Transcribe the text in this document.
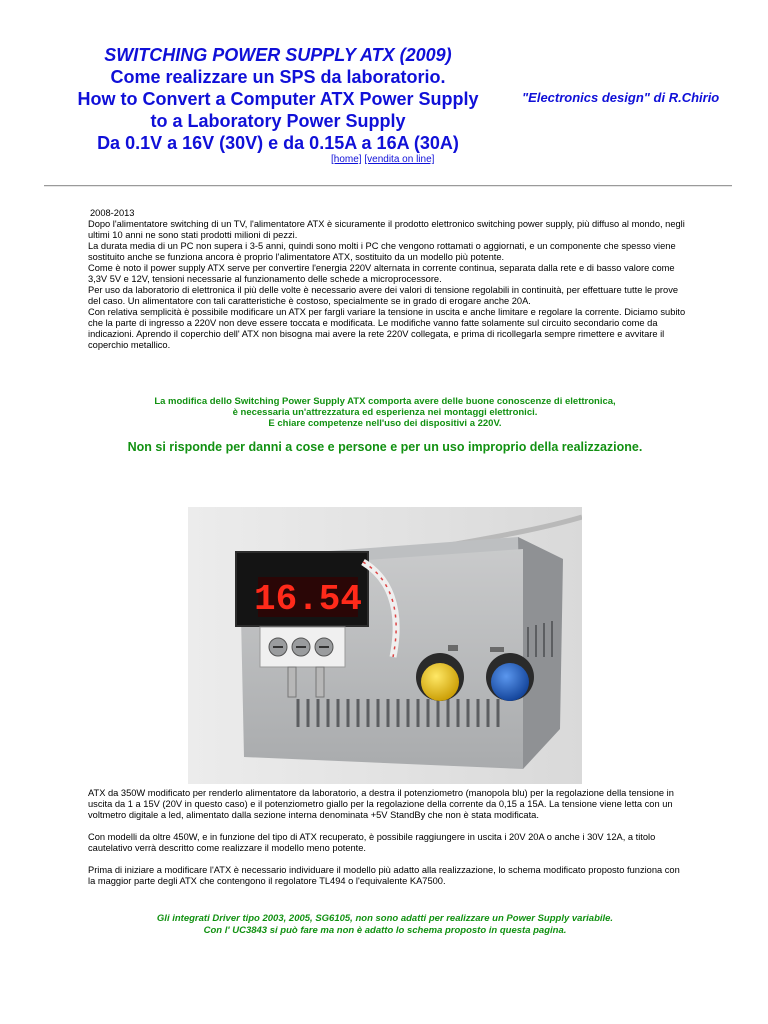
SWITCHING POWER SUPPLY ATX (2009)
Come realizzare un SPS da laboratorio.
How to Convert a Computer ATX Power Supply
to a Laboratory Power Supply
Da 0.1V a 16V (30V) e da 0.15A a 16A (30A)
[home] [vendita on line]
"Electronics design" di R.Chirio

2008-2013

Dopo l'alimentatore switching di un TV, l'alimentatore ATX è sicuramente il prodotto elettronico switching power supply, più diffuso al mondo, negli ultimi 10 anni ne sono stati prodotti milioni di pezzi.

La durata media di un PC non supera i 3-5 anni, quindi sono molti i PC che vengono rottamati o aggiornati, e un componente che spesso viene sostituito anche se funziona ancora è proprio l'alimentatore ATX, sostituito da un modello più potente.

Come è noto il power supply ATX serve per convertire l'energia 220V alternata in corrente continua, separata dalla rete e di basso valore come 3,3V 5V e 12V, tensioni necessarie al funzionamento delle schede a microprocessore.

Per uso da laboratorio di elettronica il più delle volte è necessario avere dei valori di tensione regolabili in continuità, per effettuare tutte le prove del caso. Un alimentatore con tali caratteristiche è costoso, specialmente se in grado di erogare anche 20A.

Con relativa semplicità è possibile modificare un ATX per fargli variare la tensione in uscita e anche limitare e regolare la corrente. Diciamo subito che la parte di ingresso a 220V non deve essere toccata e modificata. Le modifiche vanno fatte solamente sul circuito secondario come da indicazioni. Aprendo il coperchio dell' ATX non bisogna mai avere la rete 220V collegata, e prima di ricollegarla sempre rimettere e avvitare il coperchio metallico.

La modifica dello Switching Power Supply ATX comporta avere delle buone conoscenze di elettronica,

è necessaria un'attrezzatura ed esperienza nei montaggi elettronici.

E chiare competenze nell'uso dei dispositivi a 220V.

Non si risponde per danni a cose e persone e per un uso improprio della realizzazione.
16.54

ATX da 350W modificato per renderlo alimentatore da laboratorio, a destra il potenziometro (manopola blu) per la regolazione della tensione in uscita da 1 a 15V (20V in questo caso) e il potenziometro giallo per la regolazione della corrente da 0,15 a 15A. La tensione viene letta con un voltmetro digitale a led, alimentato dalla sezione interna denominata +5V StandBy che non è stata modificata.

Con modelli da oltre 450W, e in funzione del tipo di ATX recuperato, è possibile raggiungere in uscita i 20V 20A o anche i 30V 12A, a titolo cautelativo verrà descritto come realizzare il modello meno potente.

Prima di iniziare a modificare l'ATX è necessario individuare il modello più adatto alla realizzazione, lo schema modificato proposto funziona con la maggior parte degli ATX che contengono il regolatore TL494 o l'equivalente KA7500.

Gli integrati Driver tipo 2003, 2005, SG6105, non sono adatti per realizzare un Power Supply variabile.

Con l' UC3843 si può fare ma non è adatto lo schema proposto in questa pagina.
